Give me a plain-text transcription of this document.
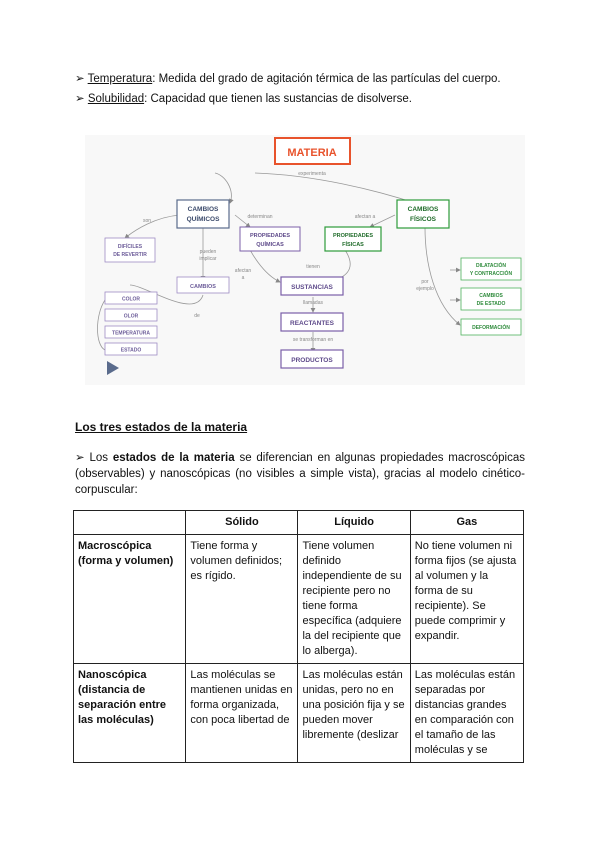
➢ Temperatura: Medida del grado de agitación térmica de las partículas del cuerpo.
➢ Solubilidad: Capacidad que tienen las sustancias de disolverse.
MATERIA
experimenta
CAMBIOS
QUÍMICOS
CAMBIOS
FÍSICOS
son
DIFÍCILES
DE REVERTIR
determinan
PROPIEDADES
QUÍMICAS
afectan a
PROPIEDADES
FÍSICAS
pueden
implicar
CAMBIOS
afectan
a
tienen
SUSTANCIAS
llamadas
REACTANTES
se transforman en
PRODUCTOS
de
COLOR
OLOR
TEMPERATURA
ESTADO
por
ejemplo
DILATACIÓN
Y CONTRACCIÓN
CAMBIOS
DE ESTADO
DEFORMACIÓN
Los tres estados de la materia
➢ Los estados de la materia se diferencian en algunas propiedades macroscópicas (observables) y nanoscópicas (no visibles a simple vista), gracias al modelo cinético-corpuscular:
	Sólido	Líquido	Gas
Macroscópica (forma y volumen)	Tiene forma y volumen definidos; es rígido.	Tiene volumen definido independiente de su recipiente pero no tiene forma específica (adquiere la del recipiente que lo alberga).	No tiene volumen ni forma fijos (se ajusta al volumen y la forma de su recipiente). Se puede comprimir y expandir.
Nanoscópica (distancia de separación entre las moléculas)	Las moléculas se mantienen unidas en forma organizada, con poca libertad de	Las moléculas están unidas, pero no en una posición fija y se pueden mover libremente (deslizar	Las moléculas están separadas por distancias grandes en comparación con el tamaño de las moléculas y se
